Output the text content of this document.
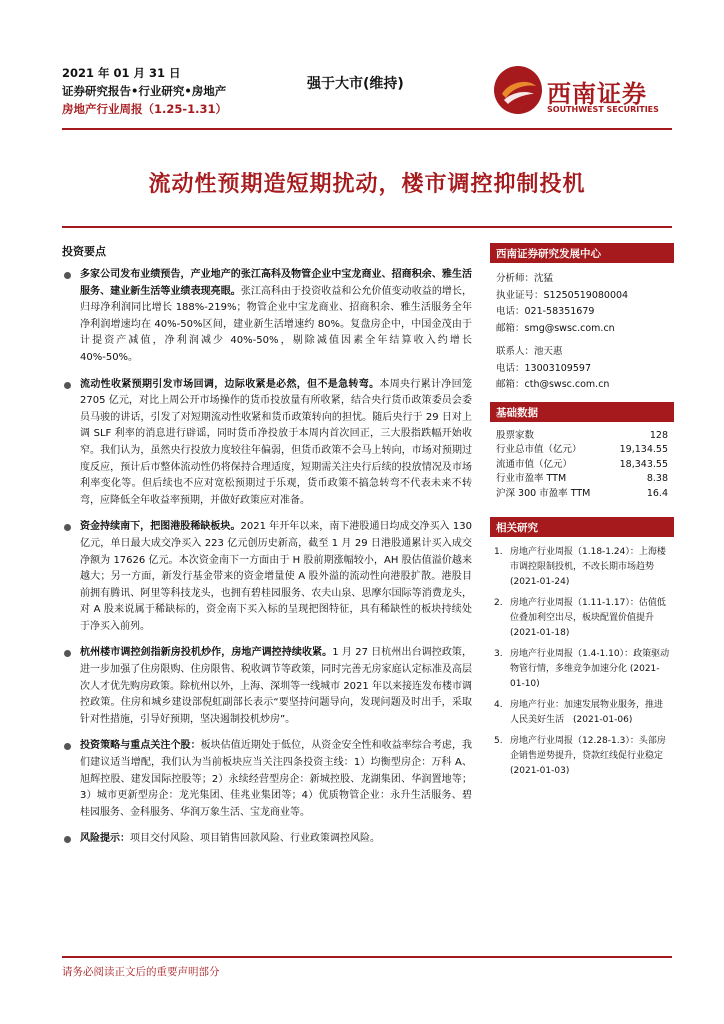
2021 年 01 月 31 日
证券研究报告•行业研究•房地产
房地产行业周报（1.25-1.31）
强于大市(维持)	西南证券
SOUTHWEST SECURITIES
流动性预期造短期扰动，楼市调控抑制投机
投资要点
多家公司发布业绩预告，产业地产的张江高科及物管企业中宝龙商业、招商积余、雅生活服务、建业新生活等业绩表现亮眼。张江高科由于投资收益和公允价值变动收益的增长，归母净利润同比增长 188%-219%；物管企业中宝龙商业、招商积余、雅生活服务全年净利润增速均在 40%-50%区间，建业新生活增速约 80%。复盘房企中，中国金茂由于计提资产减值，净利润减少 40%-50%，剔除减值因素全年结算收入约增长 40%-50%。
流动性收紧预期引发市场回调，边际收紧是必然，但不是急转弯。本周央行累计净回笼 2705 亿元，对比上周公开市场操作的货币投放量有所收紧，结合央行货币政策委员会委员马骏的讲话，引发了对短期流动性收紧和货币政策转向的担忧。随后央行于 29 日对上调 SLF 利率的消息进行辟谣，同时货币净投放于本周内首次回正，三大股指跌幅开始收窄。我们认为，虽然央行投放力度较往年偏弱，但货币政策不会马上转向，市场对预期过度反应，预计后市整体流动性仍将保持合理适度，短期需关注央行后续的投放情况及市场利率变化等。但后续也不应对宽松预期过于乐观，货币政策不搞急转弯不代表未来不转弯，应降低全年收益率预期，并做好政策应对准备。
资金持续南下，把图港股稀缺板块。2021 年开年以来，南下港股通日均成交净买入 130 亿元，单日最大成交净买入 223 亿元创历史新高，截至 1 月 29 日港股通累计买入成交净额为 17626 亿元。本次资金南下一方面由于 H 股前期涨幅较小，AH 股估值溢价越来越大；另一方面，新发行基金带来的资金增量使 A 股外溢的流动性向港股扩散。港股目前拥有腾讯、阿里等科技龙头，也拥有碧桂园服务、农夫山泉、思摩尔国际等消费龙头，对 A 股来说属于稀缺标的，资金南下买入标的呈现把图特征，具有稀缺性的板块持续处于净买入前列。
杭州楼市调控剑指新房投机炒作，房地产调控持续收紧。1 月 27 日杭州出台调控政策，进一步加强了住房限购、住房限售、税收调节等政策，同时完善无房家庭认定标准及高层次人才优先购房政策。除杭州以外，上海、深圳等一线城市 2021 年以来接连发布楼市调控政策。住房和城乡建设部倪虹副部长表示“要坚持问题导向，发现问题及时出手，采取针对性措施，引导好预期，坚决遏制投机炒房”。
投资策略与重点关注个股：板块估值近期处于低位，从资金安全性和收益率综合考虑，我们建议适当增配，我们认为当前板块应当关注四条投资主线：1）均衡型房企：万科 A、旭辉控股、建发国际控股等；2）永续经营型房企：新城控股、龙湖集团、华润置地等；3）城市更新型房企：龙光集团、佳兆业集团等；4）优质物管企业：永升生活服务、碧桂园服务、金科服务、华润万象生活、宝龙商业等。
风险提示：项目交付风险、项目销售回款风险、行业政策调控风险。
西南证券研究发展中心
分析师：沈猛
执业证号：S1250519080004
电话：021-58351679
邮箱：smg@swsc.com.cn
联系人：池天惠
电话：13003109597
邮箱：cth@swsc.com.cn
基础数据
股票家数	128
行业总市值（亿元）	19,134.55
流通市值（亿元）	18,343.55
行业市盈率 TTM	8.38
沪深 300 市盈率 TTM	16.4
相关研究
1. 房地产行业周报（1.18-1.24）：上海楼市调控限制投机，不改长期市场趋势 (2021-01-24)
2. 房地产行业周报（1.11-1.17）：估值低位叠加利空出尽，板块配置价值提升 (2021-01-18)
3. 房地产行业周报（1.4-1.10）：政策驱动物管行情，多维竞争加速分化 (2021-01-10)
4. 房地产行业：加速发展物业服务，推进人民美好生活　(2021-01-06)
5. 房地产行业周报（12.28-1.3）：头部房企销售逆势提升，贷款红线促行业稳定 (2021-01-03)
请务必阅读正文后的重要声明部分
